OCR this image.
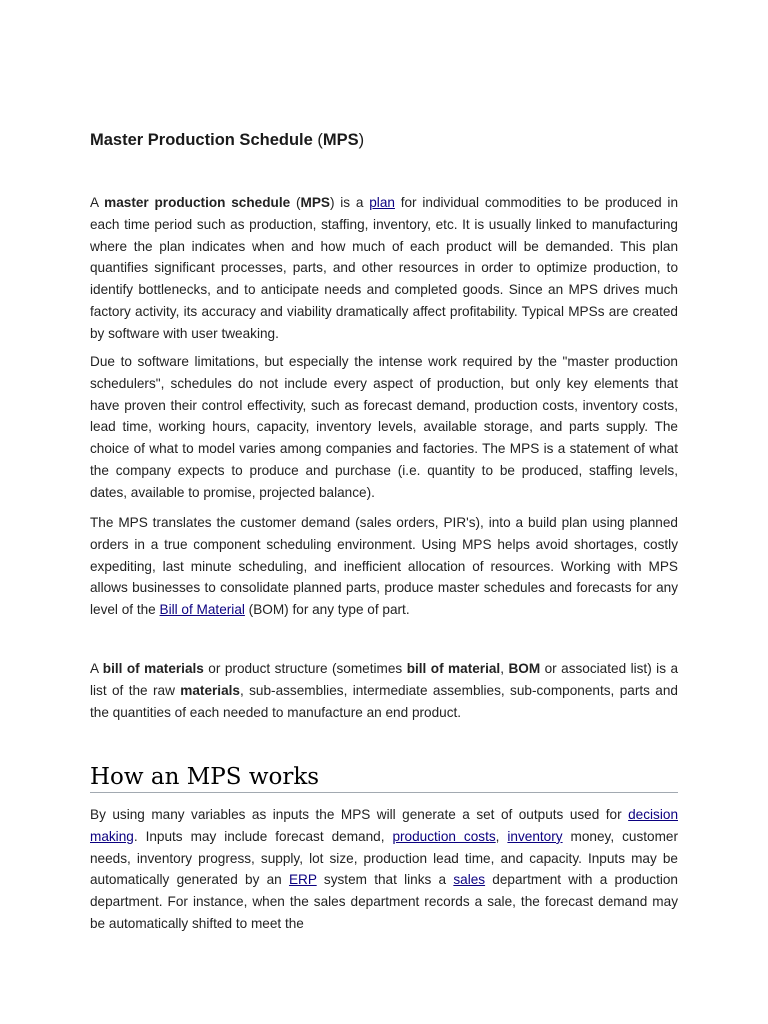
Master Production Schedule (MPS)

A master production schedule (MPS) is a plan for individual commodities to be produced in each time period such as production, staffing, inventory, etc. It is usually linked to manufacturing where the plan indicates when and how much of each product will be demanded. This plan quantifies significant processes, parts, and other resources in order to optimize production, to identify bottlenecks, and to anticipate needs and completed goods. Since an MPS drives much factory activity, its accuracy and viability dramatically affect profitability. Typical MPSs are created by software with user tweaking.

Due to software limitations, but especially the intense work required by the "master production schedulers", schedules do not include every aspect of production, but only key elements that have proven their control effectivity, such as forecast demand, production costs, inventory costs, lead time, working hours, capacity, inventory levels, available storage, and parts supply. The choice of what to model varies among companies and factories. The MPS is a statement of what the company expects to produce and purchase (i.e. quantity to be produced, staffing levels, dates, available to promise, projected balance).

The MPS translates the customer demand (sales orders, PIR's), into a build plan using planned orders in a true component scheduling environment. Using MPS helps avoid shortages, costly expediting, last minute scheduling, and inefficient allocation of resources. Working with MPS allows businesses to consolidate planned parts, produce master schedules and forecasts for any level of the Bill of Material (BOM) for any type of part.

A bill of materials or product structure (sometimes bill of material, BOM or associated list) is a list of the raw materials, sub-assemblies, intermediate assemblies, sub-components, parts and the quantities of each needed to manufacture an end product.

How an MPS works

By using many variables as inputs the MPS will generate a set of outputs used for decision making. Inputs may include forecast demand, production costs, inventory money, customer needs, inventory progress, supply, lot size, production lead time, and capacity. Inputs may be automatically generated by an ERP system that links a sales department with a production department. For instance, when the sales department records a sale, the forecast demand may be automatically shifted to meet the
